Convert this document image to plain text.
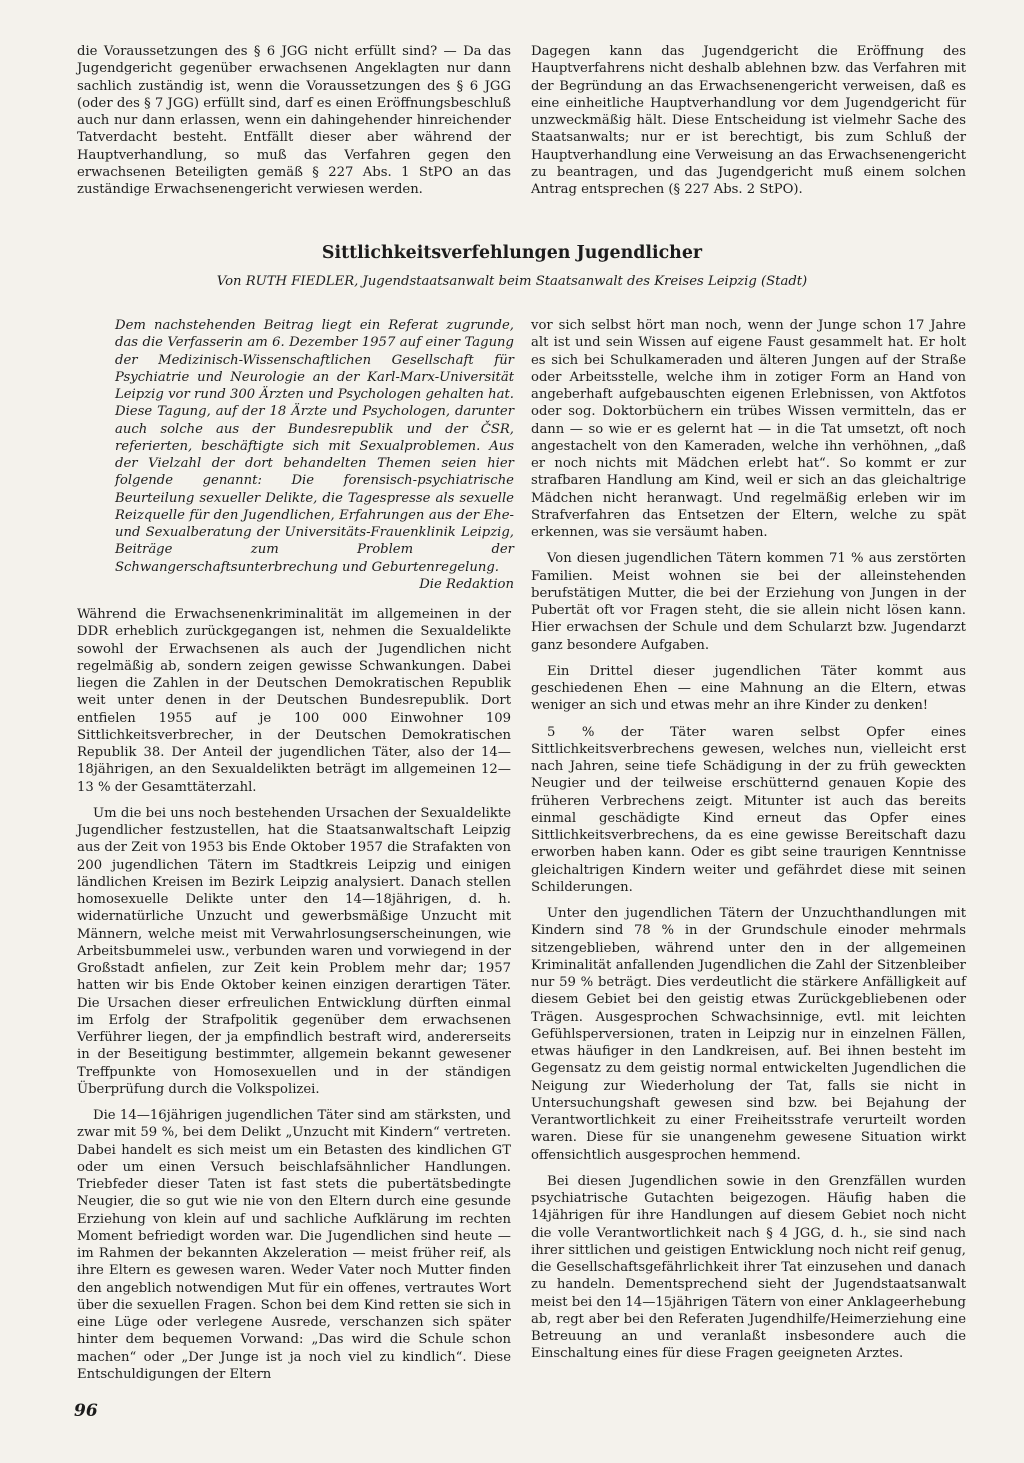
die Voraussetzungen des § 6 JGG nicht erfüllt sind? — Da das Jugendgericht gegenüber erwachsenen Angeklagten nur dann sachlich zuständig ist, wenn die Voraussetzungen des § 6 JGG (oder des § 7 JGG) erfüllt sind, darf es einen Eröffnungsbeschluß auch nur dann erlassen, wenn ein dahingehender hinreichender Tatverdacht besteht. Entfällt dieser aber während der Hauptverhandlung, so muß das Verfahren gegen den erwachsenen Beteiligten gemäß § 227 Abs. 1 StPO an das zuständige Erwachsenengericht verwiesen werden.

Dagegen kann das Jugendgericht die Eröffnung des Hauptverfahrens nicht deshalb ablehnen bzw. das Verfahren mit der Begründung an das Erwachsenengericht verweisen, daß es eine einheitliche Hauptverhandlung vor dem Jugendgericht für unzweckmäßig hält. Diese Entscheidung ist vielmehr Sache des Staatsanwalts; nur er ist berechtigt, bis zum Schluß der Hauptverhandlung eine Verweisung an das Erwachsenengericht zu beantragen, und das Jugendgericht muß einem solchen Antrag entsprechen (§ 227 Abs. 2 StPO).

Sittlichkeitsverfehlungen Jugendlicher
Von RUTH FIEDLER, Jugendstaatsanwalt beim Staatsanwalt des Kreises Leipzig (Stadt)
Dem nachstehenden Beitrag liegt ein Referat zugrunde, das die Verfasserin am 6. Dezember 1957 auf einer Tagung der Medizinisch-Wissenschaftlichen Gesellschaft für Psychiatrie und Neurologie an der Karl-Marx-Universität Leipzig vor rund 300 Ärzten und Psychologen gehalten hat. Diese Tagung, auf der 18 Ärzte und Psychologen, darunter auch solche aus der Bundesrepublik und der ČSR, referierten, beschäftigte sich mit Sexualproblemen. Aus der Vielzahl der dort behandelten Themen seien hier folgende genannt: Die forensisch-psychiatrische Beurteilung sexueller Delikte, die Tagespresse als sexuelle Reizquelle für den Jugendlichen, Erfahrungen aus der Ehe- und Sexualberatung der Universitäts-Frauenklinik Leipzig, Beiträge zum Problem der Schwangerschaftsunterbrechung und Geburtenregelung.
Die Redaktion

Während die Erwachsenenkriminalität im allgemeinen in der DDR erheblich zurückgegangen ist, nehmen die Sexualdelikte sowohl der Erwachsenen als auch der Jugendlichen nicht regelmäßig ab, sondern zeigen gewisse Schwankungen. Dabei liegen die Zahlen in der Deutschen Demokratischen Republik weit unter denen in der Deutschen Bundesrepublik. Dort entfielen 1955 auf je 100 000 Einwohner 109 Sittlichkeitsverbrecher, in der Deutschen Demokratischen Republik 38. Der Anteil der jugendlichen Täter, also der 14—18jährigen, an den Sexualdelikten beträgt im allgemeinen 12—13 % der Gesamttäterzahl.

Um die bei uns noch bestehenden Ursachen der Sexualdelikte Jugendlicher festzustellen, hat die Staatsanwaltschaft Leipzig aus der Zeit von 1953 bis Ende Oktober 1957 die Strafakten von 200 jugendlichen Tätern im Stadtkreis Leipzig und einigen ländlichen Kreisen im Bezirk Leipzig analysiert. Danach stellen homosexuelle Delikte unter den 14—18jährigen, d. h. widernatürliche Unzucht und gewerbsmäßige Unzucht mit Männern, welche meist mit Verwahrlosungserscheinungen, wie Arbeitsbummelei usw., verbunden waren und vorwiegend in der Großstadt anfielen, zur Zeit kein Problem mehr dar; 1957 hatten wir bis Ende Oktober keinen einzigen derartigen Täter. Die Ursachen dieser erfreulichen Entwicklung dürften einmal im Erfolg der Strafpolitik gegenüber dem erwachsenen Verführer liegen, der ja empfindlich bestraft wird, andererseits in der Beseitigung bestimmter, allgemein bekannt gewesener Treffpunkte von Homosexuellen und in der ständigen Überprüfung durch die Volkspolizei.

Die 14—16jährigen jugendlichen Täter sind am stärksten, und zwar mit 59 %, bei dem Delikt „Unzucht mit Kindern“ vertreten. Dabei handelt es sich meist um ein Betasten des kindlichen GT oder um einen Versuch beischlafsähnlicher Handlungen. Triebfeder dieser Taten ist fast stets die pubertätsbedingte Neugier, die so gut wie nie von den Eltern durch eine gesunde Erziehung von klein auf und sachliche Aufklärung im rechten Moment befriedigt worden war. Die Jugendlichen sind heute — im Rahmen der bekannten Akzeleration — meist früher reif, als ihre Eltern es gewesen waren. Weder Vater noch Mutter finden den angeblich notwendigen Mut für ein offenes, vertrautes Wort über die sexuellen Fragen. Schon bei dem Kind retten sie sich in eine Lüge oder verlegene Ausrede, verschanzen sich später hinter dem bequemen Vorwand: „Das wird die Schule schon machen“ oder „Der Junge ist ja noch viel zu kindlich“. Diese Entschuldigungen der Eltern

vor sich selbst hört man noch, wenn der Junge schon 17 Jahre alt ist und sein Wissen auf eigene Faust gesammelt hat. Er holt es sich bei Schulkameraden und älteren Jungen auf der Straße oder Arbeitsstelle, welche ihm in zotiger Form an Hand von angeberhaft aufgebauschten eigenen Erlebnissen, von Aktfotos oder sog. Doktorbüchern ein trübes Wissen vermitteln, das er dann — so wie er es gelernt hat — in die Tat umsetzt, oft noch angestachelt von den Kameraden, welche ihn verhöhnen, „daß er noch nichts mit Mädchen erlebt hat“. So kommt er zur strafbaren Handlung am Kind, weil er sich an das gleichaltrige Mädchen nicht heranwagt. Und regelmäßig erleben wir im Strafverfahren das Entsetzen der Eltern, welche zu spät erkennen, was sie versäumt haben.

Von diesen jugendlichen Tätern kommen 71 % aus zerstörten Familien. Meist wohnen sie bei der alleinstehenden berufstätigen Mutter, die bei der Erziehung von Jungen in der Pubertät oft vor Fragen steht, die sie allein nicht lösen kann. Hier erwachsen der Schule und dem Schularzt bzw. Jugendarzt ganz besondere Aufgaben.

Ein Drittel dieser jugendlichen Täter kommt aus geschiedenen Ehen — eine Mahnung an die Eltern, etwas weniger an sich und etwas mehr an ihre Kinder zu denken!

5 % der Täter waren selbst Opfer eines Sittlichkeitsverbrechens gewesen, welches nun, vielleicht erst nach Jahren, seine tiefe Schädigung in der zu früh geweckten Neugier und der teilweise erschütternd genauen Kopie des früheren Verbrechens zeigt. Mitunter ist auch das bereits einmal geschädigte Kind erneut das Opfer eines Sittlichkeitsverbrechens, da es eine gewisse Bereitschaft dazu erworben haben kann. Oder es gibt seine traurigen Kenntnisse gleichaltrigen Kindern weiter und gefährdet diese mit seinen Schilderungen.

Unter den jugendlichen Tätern der Unzuchthandlungen mit Kindern sind 78 % in der Grundschule einoder mehrmals sitzengeblieben, während unter den in der allgemeinen Kriminalität anfallenden Jugendlichen die Zahl der Sitzenbleiber nur 59 % beträgt. Dies verdeutlicht die stärkere Anfälligkeit auf diesem Gebiet bei den geistig etwas Zurückgebliebenen oder Trägen. Ausgesprochen Schwachsinnige, evtl. mit leichten Gefühlsperversionen, traten in Leipzig nur in einzelnen Fällen, etwas häufiger in den Landkreisen, auf. Bei ihnen besteht im Gegensatz zu dem geistig normal entwickelten Jugendlichen die Neigung zur Wiederholung der Tat, falls sie nicht in Untersuchungshaft gewesen sind bzw. bei Bejahung der Verantwortlichkeit zu einer Freiheitsstrafe verurteilt worden waren. Diese für sie unangenehm gewesene Situation wirkt offensichtlich ausgesprochen hemmend.

Bei diesen Jugendlichen sowie in den Grenzfällen wurden psychiatrische Gutachten beigezogen. Häufig haben die 14jährigen für ihre Handlungen auf diesem Gebiet noch nicht die volle Verantwortlichkeit nach § 4 JGG, d. h., sie sind nach ihrer sittlichen und geistigen Entwicklung noch nicht reif genug, die Gesellschaftsgefährlichkeit ihrer Tat einzusehen und danach zu handeln. Dementsprechend sieht der Jugendstaatsanwalt meist bei den 14—15jährigen Tätern von einer Anklageerhebung ab, regt aber bei den Referaten Jugendhilfe/Heimerziehung eine Betreuung an und veranlaßt insbesondere auch die Einschaltung eines für diese Fragen geeigneten Arztes.

96
